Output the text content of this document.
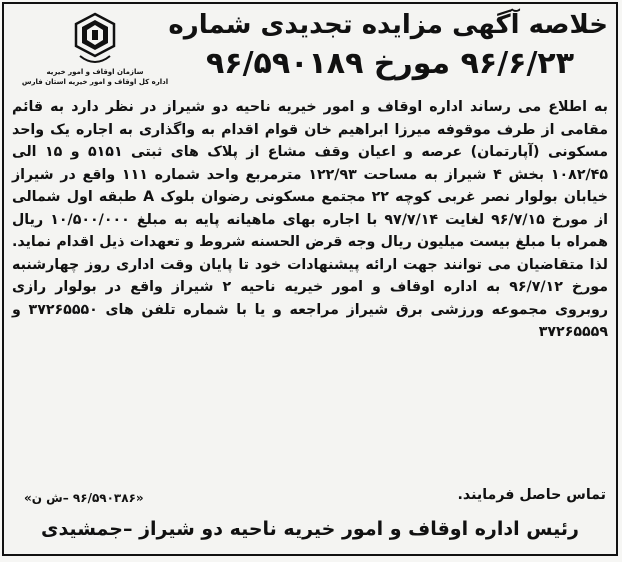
سازمان اوقاف و امور خیریه
اداره کل اوقاف و امور خیریه استان فارس
خلاصه آگهی مزایده تجدیدی شماره
۹۶/۶/۲۳ مورخ ۹۶/۵۹۰۱۸۹
به اطلاع می رساند اداره اوقاف و امور خیریه ناحیه دو شیراز در نظر دارد به قائم مقامی از طرف موقوفه میرزا ابراهیم خان قوام اقدام به واگذاری به اجاره یک واحد مسکونی (آپارتمان) عرصه و اعیان وقف مشاع از پلاک های ثبتی ۵۱۵۱ و ۱۵ الی ۱۰۸۲/۴۵ بخش ۴ شیراز به مساحت ۱۲۲/۹۳ مترمربع واحد شماره ۱۱۱ واقع در شیراز خیابان بولوار نصر غربی کوچه ۲۲ مجتمع مسکونی رضوان بلوک A طبقه اول شمالی از مورخ ۹۶/۷/۱۵ لغایت ۹۷/۷/۱۴ با اجاره بهای ماهیانه پایه به مبلغ ۱۰/۵۰۰/۰۰۰ ریال همراه با مبلغ بیست میلیون ریال وجه قرض الحسنه شروط و تعهدات ذیل اقدام نماید. لذا متقاضیان می توانند جهت ارائه پیشنهادات خود تا پایان وقت اداری روز چهارشنبه مورخ ۹۶/۷/۱۲ به اداره اوقاف و امور خیریه ناحیه ۲ شیراز واقع در بولوار رازی روبروی مجموعه ورزشی برق شیراز مراجعه و یا با شماره تلفن های ۳۷۲۶۵۵۵۰ و ۳۷۲۶۵۵۵۹
«۹۶/۵۹۰۳۸۶ –ش ن»	تماس حاصل فرمایند.
رئیس اداره اوقاف و امور خیریه ناحیه دو شیراز –جمشیدی
